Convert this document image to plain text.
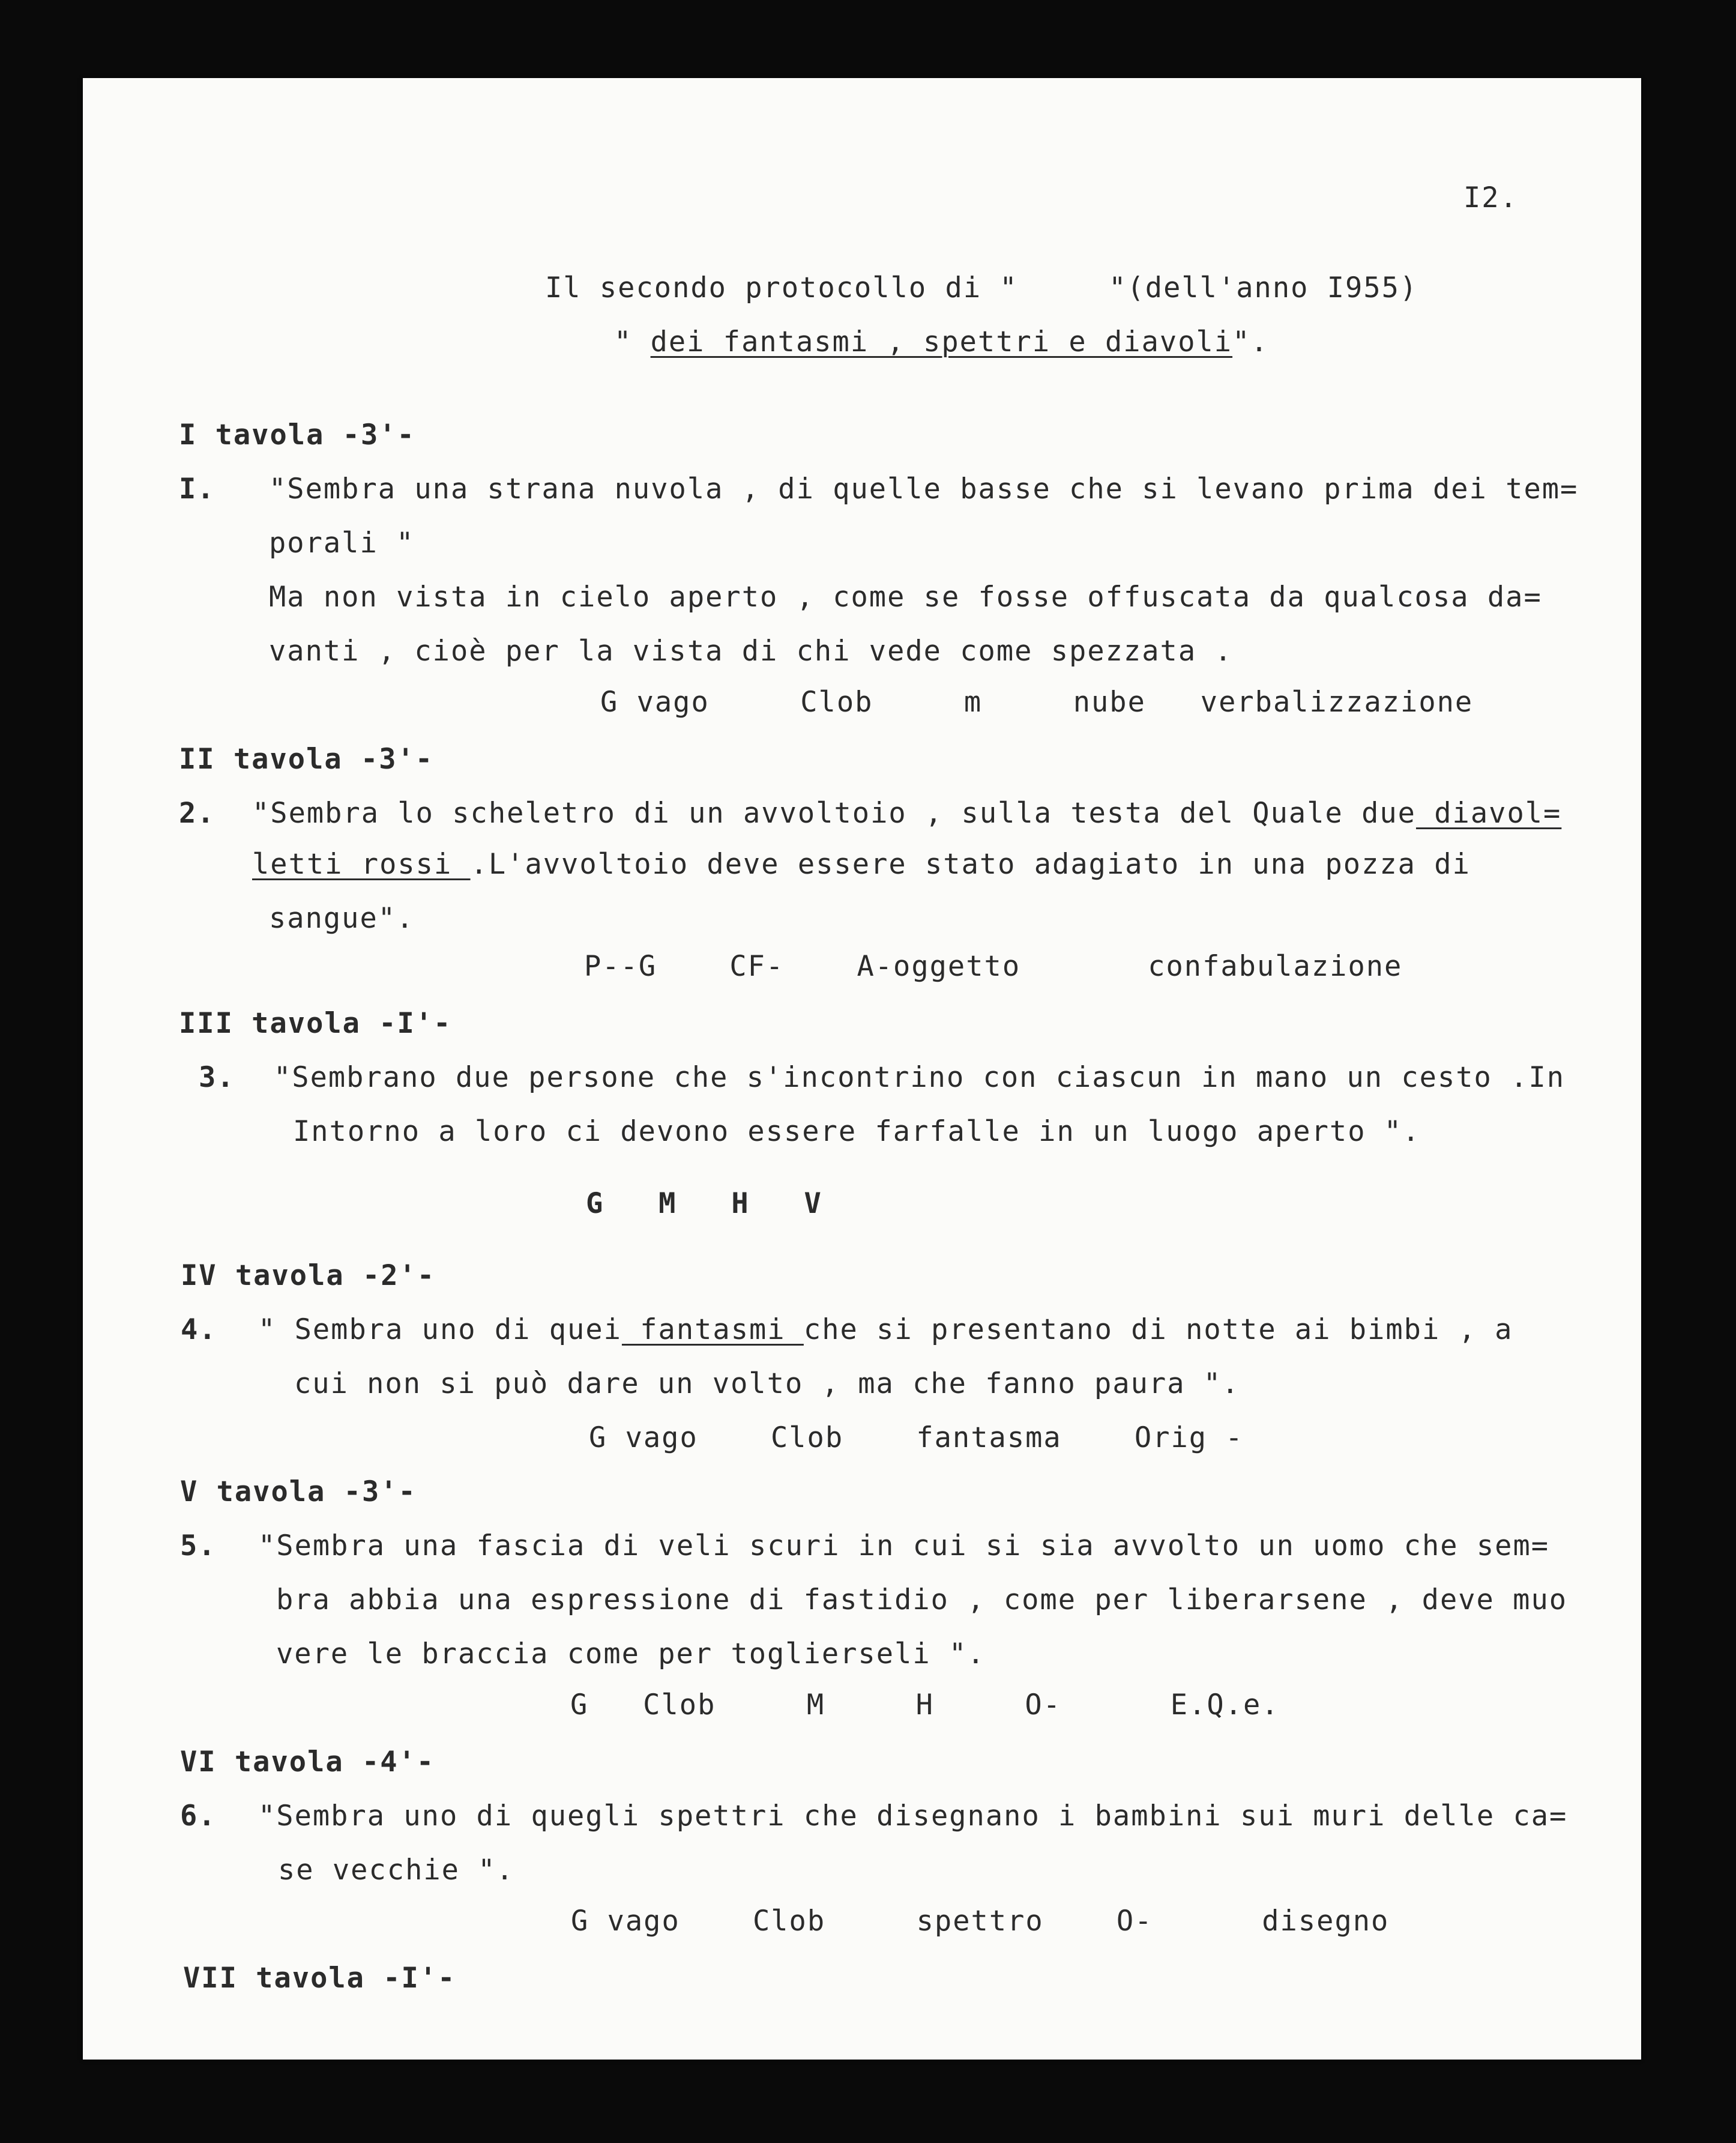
I2.
Il secondo protocollo di "     "(dell'anno I955)
" dei fantasmi , spettri e diavoli".
I tavola -3'-
I. "Sembra una strana nuvola , di quelle basse che si levano prima dei tem=
porali "
Ma non vista in cielo aperto , come se fosse offuscata da qualcosa da=
vanti , cioè per la vista di chi vede come spezzata .
G vago     Clob     m     nube   verbalizzazione
II tavola -3'-
2. "Sembra lo scheletro di un avvoltoio , sulla testa del Quale due diavol=
letti rossi .L'avvoltoio deve essere stato adagiato in una pozza di
sangue".
P--G    CF-    A-oggetto       confabulazione
III tavola -I'-
3. "Sembrano due persone che s'incontrino con ciascun in mano un cesto .In
Intorno a loro ci devono essere farfalle in un luogo aperto ".
G   M   H   V
IV tavola -2'-
4. " Sembra uno di quei fantasmi che si presentano di notte ai bimbi , a
cui non si può dare un volto , ma che fanno paura ".
G vago    Clob    fantasma    Orig -
V tavola -3'-
5. "Sembra una fascia di veli scuri in cui si sia avvolto un uomo che sem=
bra abbia una espressione di fastidio , come per liberarsene , deve muo
vere le braccia come per toglierseli ".
G   Clob     M     H     O-      E.Q.e.
VI tavola -4'-
6. "Sembra uno di quegli spettri che disegnano i bambini sui muri delle ca=
se vecchie ".
G vago    Clob     spettro    O-      disegno
VII tavola -I'-
